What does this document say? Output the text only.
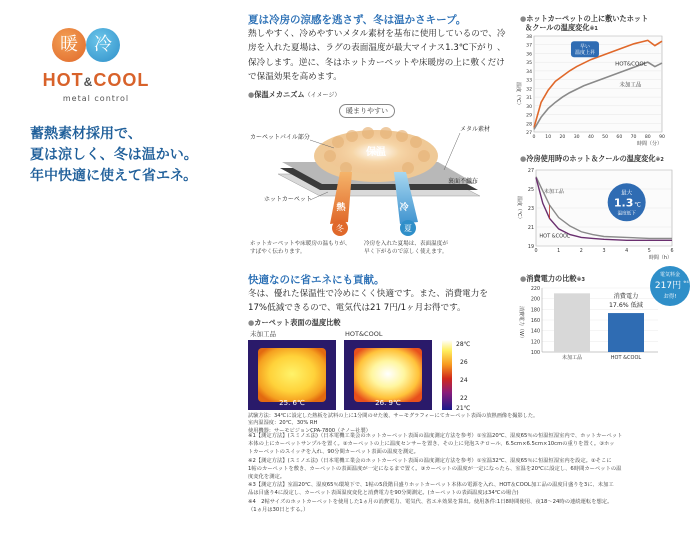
暖 冷
HOT&COOL
metal control
蓄熱素材採用で、
夏は涼しく、冬は温かい。
年中快適に使えて省エネ。
夏は冷房の涼感を逃さず、冬は温かさキープ。
熱しやすく、冷めやすいメタル素材を基布に使用しているので、冷
房を入れた夏場は、ラグの表面温度が最大マイナス1.3℃下がり 、
保冷します。逆に、冬はホットカーペットや床暖房の上に敷くだけ
で保温効果を高めます。
●保温メカニズム（イメージ）
暖まりやすい
保温
カーペットパイル部分
メタル素材
裏面不織布
ホットカーペット
熱
冬
冷
夏
ホットカーペットや床暖房の温もりが、
すばやく伝わります。
冷房を入れた夏場は、表面温度が
早く下がるので涼しく使えます。
快適なのに省エネにも貢献。
冬は、優れた保温性で冷めにくく快適です。また、消費電力を
17%低減できるので、電気代は21 7円/1ヶ月お得です。
●カーペット表面の温度比較
未加工品	HOT&COOL
25. 6℃	26. 9℃
28℃
26
24
22
21℃
試験方法：34℃に設定した熱板を試料の上に1分間のせた後、サーモグラフィーにてカーペット表面の放熱画像を撮影した。
室内温湿度：20℃、30% RH
使用機器：サーモビジョンCPA-7800（チノー社製）
●ホットカーペットの上に敷いたホット
＆クールの温度変化※1
27
28
29
30
31
32
33
34
35
36
37
38
0 10 20 30 40 50 60 70 80 90
時間（分）
温度（℃）
HOT&COOL
未加工品
早い
温度上昇
●冷房使用時のホット＆クールの温度変化※2
19
21
23
25
27
0	1	2	3	4	5	6
時間（h）
温度（℃）
未加工品
HOT &COOL
最大
1.3 ℃
温度低下
●消費電力の比較※3
100
120
140
160
180
200
220
消費電力（W）
未加工品	HOT &COOL
消費電力
17.6% 低減
電気料金
217円 ※4
お得!
※1【測定方法】(スミノエ法)（日本電機工業会のホットカーペット表面の温度測定方法を参考）①室温20℃、湿度65％の恒温恒湿室内で、ホットカーペット
本体の上にカーペットサンプルを置く。②カーペットの上に温度センサーを置き、その上に発泡スチロール、6.5cm×6.5cm×10cmの重りを置く。③ホッ
トカーペットのスイッチを入れ、90分間カーペット表面の温度を測定。
※2【測定方法】(スミノエ法)（日本電機工業会のホットカーペット表面の温度測定方法を参考）①室温32℃、湿度65％に恒温恒湿室内を設定。②そこに
1帖のカーペットを敷き、カーペットの表面温度が一定になるまで置く。③カーペットの温度が一定になったら、室温を20℃に設定し、6時間カーペットの温
度変化を測定。
※3【測定方法】室温20℃、湿度65％環境下で、1帖の5段階目盛りホットカーペット本体の電源を入れ、HOT＆COOL加工品の温度目盛りを3に、未加工
品は目盛り4に設定し、カーペット表面温度変化と消費電力を90分間測定。(カーペットの表面温度は34℃の場合)
※4　2帖サイズのホットカーペットを使用した1ヵ月の消費電力、電気代、省エネ効果を算出。使用条件:1日8時間使用、夜18〜24時の連続運転を想定。
（1ヵ月は30日とする。）
